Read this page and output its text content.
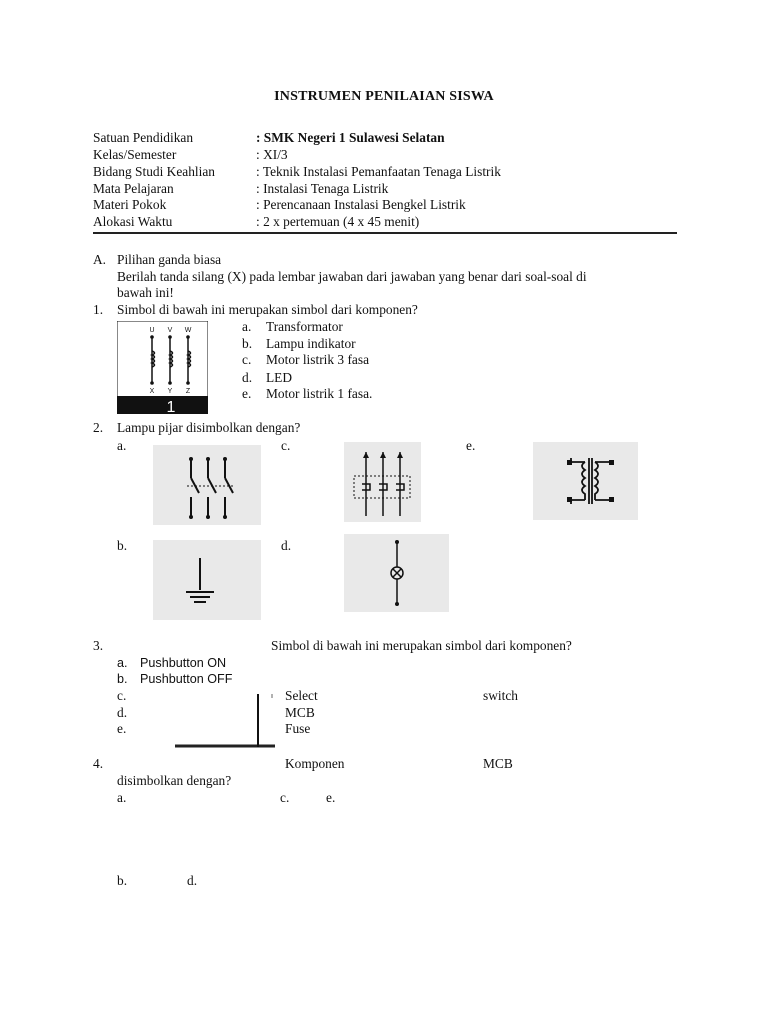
INSTRUMEN PENILAIAN SISWA
Satuan Pendidikan	: SMK Negeri 1 Sulawesi Selatan
Kelas/Semester	: XI/3
Bidang Studi Keahlian	: Teknik Instalasi Pemanfaatan Tenaga Listrik
Mata Pelajaran	: Instalasi Tenaga Listrik
Materi Pokok	: Perencanaan Instalasi Bengkel Listrik
Alokasi Waktu	: 2 x pertemuan (4 x 45 menit)
A. Pilihan ganda biasa
Berilah tanda silang (X) pada lembar jawaban dari jawaban yang benar dari soal-soal di
bawah ini!
1. Simbol di bawah ini merupakan simbol dari komponen?
U V W
X Y Z
1
a. Transformator
b. Lampu indikator
c. Motor listrik 3 fasa
d. LED
e. Motor listrik 1 fasa.
2. Lampu pijar disimbolkan dengan?
a.	c.	e.
b.	d.
3.	Simbol di bawah ini merupakan simbol dari komponen?
a. Pushbutton ON
b. Pushbutton OFF
c.	Select	switch
d.	MCB
e.	Fuse
4.	Komponen	MCB
disimbolkan dengan?
a.	c.	e.
b.	d.
